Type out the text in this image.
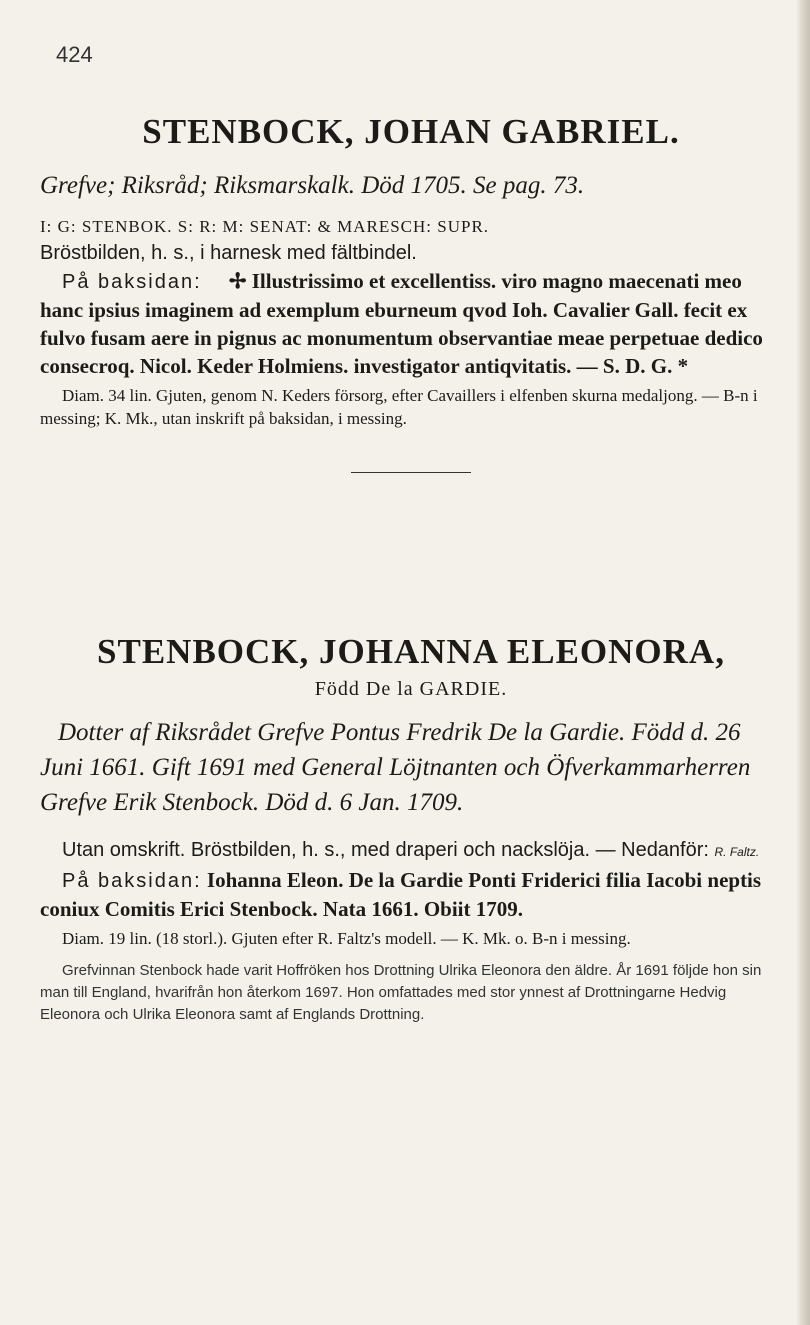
424
STENBOCK, JOHAN GABRIEL.

Grefve; Riksråd; Riksmarskalk. Död 1705. Se pag. 73.

I: G: STENBOK. S: R: M: SENAT: & MARESCH: SUPR.

Bröstbilden, h. s., i harnesk med fältbindel.

På baksidan: ✢ Illustrissimo et excellentiss. viro magno maecenati meo hanc ipsius imaginem ad exemplum eburneum qvod Ioh. Cavalier Gall. fecit ex fulvo fusam aere in pignus ac monumentum observantiae meae perpetuae dedico consecroq. Nicol. Keder Holmiens. investigator antiqvitatis. — S. D. G. *

Diam. 34 lin. Gjuten, genom N. Keders försorg, efter Cavaillers i elfenben skurna medaljong. — B-n i messing; K. Mk., utan inskrift på baksidan, i messing.

STENBOCK, JOHANNA ELEONORA,

Född De la GARDIE.

Dotter af Riksrådet Grefve Pontus Fredrik De la Gardie. Född d. 26 Juni 1661. Gift 1691 med General Löjtnanten och Öfverkammarherren Grefve Erik Stenbock. Död d. 6 Jan. 1709.

Utan omskrift. Bröstbilden, h. s., med draperi och nackslöja. — Nedanför: R. Faltz.

På baksidan: Iohanna Eleon. De la Gardie Ponti Friderici filia Iacobi neptis coniux Comitis Erici Stenbock. Nata 1661. Obiit 1709.

Diam. 19 lin. (18 storl.). Gjuten efter R. Faltz's modell. — K. Mk. o. B-n i messing.

Grefvinnan Stenbock hade varit Hoffröken hos Drottning Ulrika Eleonora den äldre. År 1691 följde hon sin man till England, hvarifrån hon återkom 1697. Hon omfattades med stor ynnest af Drottningarne Hedvig Eleonora och Ulrika Eleonora samt af Englands Drottning.
